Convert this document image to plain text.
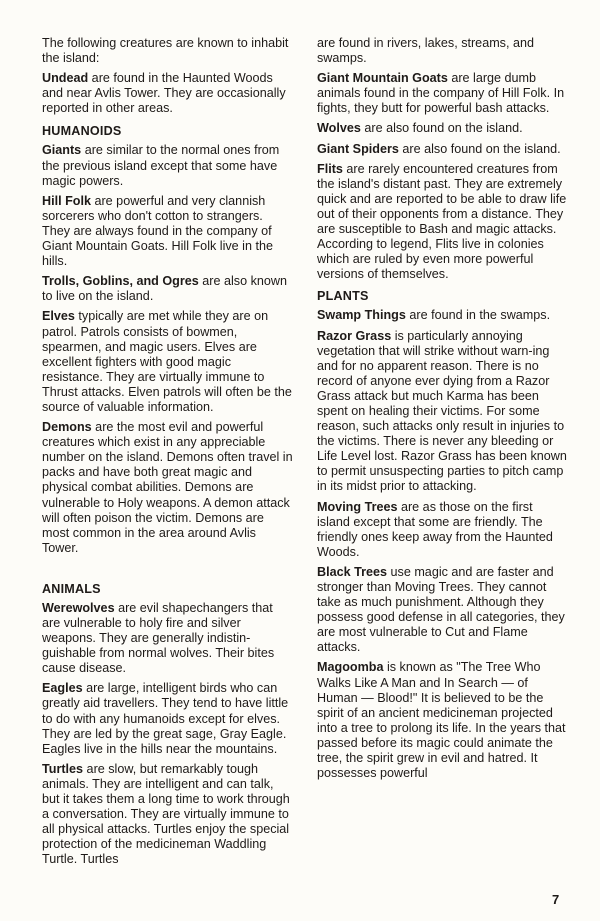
The following creatures are known to inhabit the island:

Undead are found in the Haunted Woods and near Avlis Tower. They are occasionally reported in other areas.

HUMANOIDS

Giants are similar to the normal ones from the previous island except that some have magic powers.

Hill Folk are powerful and very clannish sorcerers who don't cotton to strangers. They are always found in the company of Giant Mountain Goats. Hill Folk live in the hills.

Trolls, Goblins, and Ogres are also known to live on the island.

Elves typically are met while they are on patrol. Patrols consists of bowmen, spearmen, and magic users. Elves are excellent fighters with good magic resistance. They are virtually immune to Thrust attacks. Elven patrols will often be the source of valuable information.

Demons are the most evil and powerful creatures which exist in any appreciable number on the island. Demons often travel in packs and have both great magic and physical combat abilities. Demons are vulnerable to Holy weapons. A demon attack will often poison the victim. Demons are most common in the area around Avlis Tower.

ANIMALS

Werewolves are evil shapechangers that are vulnerable to holy fire and silver weapons. They are generally indistin-guishable from normal wolves. Their bites cause disease.

Eagles are large, intelligent birds who can greatly aid travellers. They tend to have little to do with any humanoids except for elves. They are led by the great sage, Gray Eagle. Eagles live in the hills near the mountains.

Turtles are slow, but remarkably tough animals. They are intelligent and can talk, but it takes them a long time to work through a conversation. They are virtually immune to all physical attacks. Turtles enjoy the special protection of the medicineman Waddling Turtle. Turtles

are found in rivers, lakes, streams, and swamps.

Giant Mountain Goats are large dumb animals found in the company of Hill Folk. In fights, they butt for powerful bash attacks.

Wolves are also found on the island.

Giant Spiders are also found on the island.

Flits are rarely encountered creatures from the island's distant past. They are extremely quick and are reported to be able to draw life out of their opponents from a distance. They are susceptible to Bash and magic attacks. According to legend, Flits live in colonies which are ruled by even more powerful versions of themselves.

PLANTS

Swamp Things are found in the swamps.

Razor Grass is particularly annoying vegetation that will strike without warn-ing and for no apparent reason. There is no record of anyone ever dying from a Razor Grass attack but much Karma has been spent on healing their victims. For some reason, such attacks only result in injuries to the victims. There is never any bleeding or Life Level lost. Razor Grass has been known to permit unsuspecting parties to pitch camp in its midst prior to attacking.

Moving Trees are as those on the first island except that some are friendly. The friendly ones keep away from the Haunted Woods.

Black Trees use magic and are faster and stronger than Moving Trees. They cannot take as much punishment. Although they possess good defense in all categories, they are most vulnerable to Cut and Flame attacks.

Magoomba is known as "The Tree Who Walks Like A Man and In Search — of Human — Blood!" It is believed to be the spirit of an ancient medicineman projected into a tree to prolong its life. In the years that passed before its magic could animate the tree, the spirit grew in evil and hatred. It possesses powerful

7
